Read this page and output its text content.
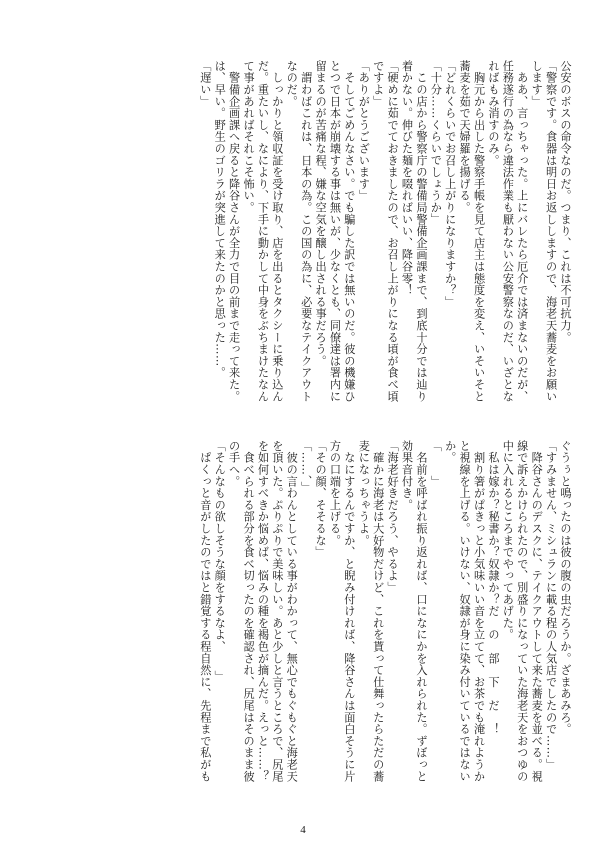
公安のボスの命令なのだ。つまり、これは不可抗力。
「警察です。食器は明日お返ししますので、海老天蕎麦をお願い
します」
　ああ、言っちゃった。上にバレたら厄介では済まないのだが、
任務遂行の為なら違法作業も厭わない公安警察なのだ、いざとな
ればもみ消すのみ。
　胸元から出した警察手帳を見て店主は態度を変え、いそいそと
蕎麦を茹で天婦羅を揚げる。
「どれくらいでお召し上がりになりますか？」
「十分……くらいでしょうか」
　この店から警察庁の警備局警備企画課まで、到底十分では辿り
着かない。伸びた麺を啜ればいい、降谷零！
「硬めに茹でておきましたので、お召し上がりになる頃が食べ頃
ですよ」
「ありがとうございます」
　そしてごめんなさい。でも騙した訳では無いのだ。彼の機嫌ひ
とつで日本が崩壊する事は無いが、少なくとも、同僚達は署内に
留まるのが苦痛な程、嫌な空気を醸し出される事だろう。
　謂わばこれは、日本の為。この国の為に、必要なテイクアウト
なのだ。
　しっかりと領収証を受け取り、店を出るとタクシーに乗り込ん
だ。重たいし、なにより、下手に動かして中身をぶちまけたなん
て事があればそれこそ怖い。
　警備企画課へ戻ると降谷さんが全力で目の前まで走って来た。
は、早い。野生のゴリラが突進して来たのかと思った……。
「遅い」
ぐうぅと鳴ったのは彼の腹の虫だろうか。ざまあみろ。
「すみません、ミシュランに載る程の人気店でしたので……」
　降谷さんのデスクに、テイクアウトして来た蕎麦を並べる。視
線で訴えかけられたので、別盛りになっていた海老天をおつゆの
中に入れるところまでやってあげた。
　私は嫁か？秘書か？奴隷か？だ　の　部　下　だ　！
　割り箸がぱきっと小気味いい音を立てて、お茶でも淹れようか
と視線を上げる。いけない、奴隷が身に染み付いているではない
か。
「　　」
　名前を呼ばれ振り返れば、口になにかを入れられた。ずぼっと
効果音付き。
「海老好きだろう、やるよ」
　確かに海老は大好物だけど、これを貰って仕舞ったらただの蕎
麦になっちゃうよ。
　なにするんですか、と睨み付ければ、降谷さんは面白そうに片
方の口端を上げる。
「その顔、そそるな」
「……、」
　彼の言わんとしている事がわかって、無心でもぐもぐと海老天
を頂いた。ぷりぷりで美味しい。あと少しと言うところで、尻尾
を如何すべきか悩めば、悩みの種を褐色が摘んだ。えっと……？
　食べられる部分を食べ切ったのを確認され、尻尾はそのまま彼
の手へ。
「そんなもの欲しそうな顔をするなよ、　　」
　ぱくっと音がしたのではと錯覚する程自然に、先程まで私がも
4
